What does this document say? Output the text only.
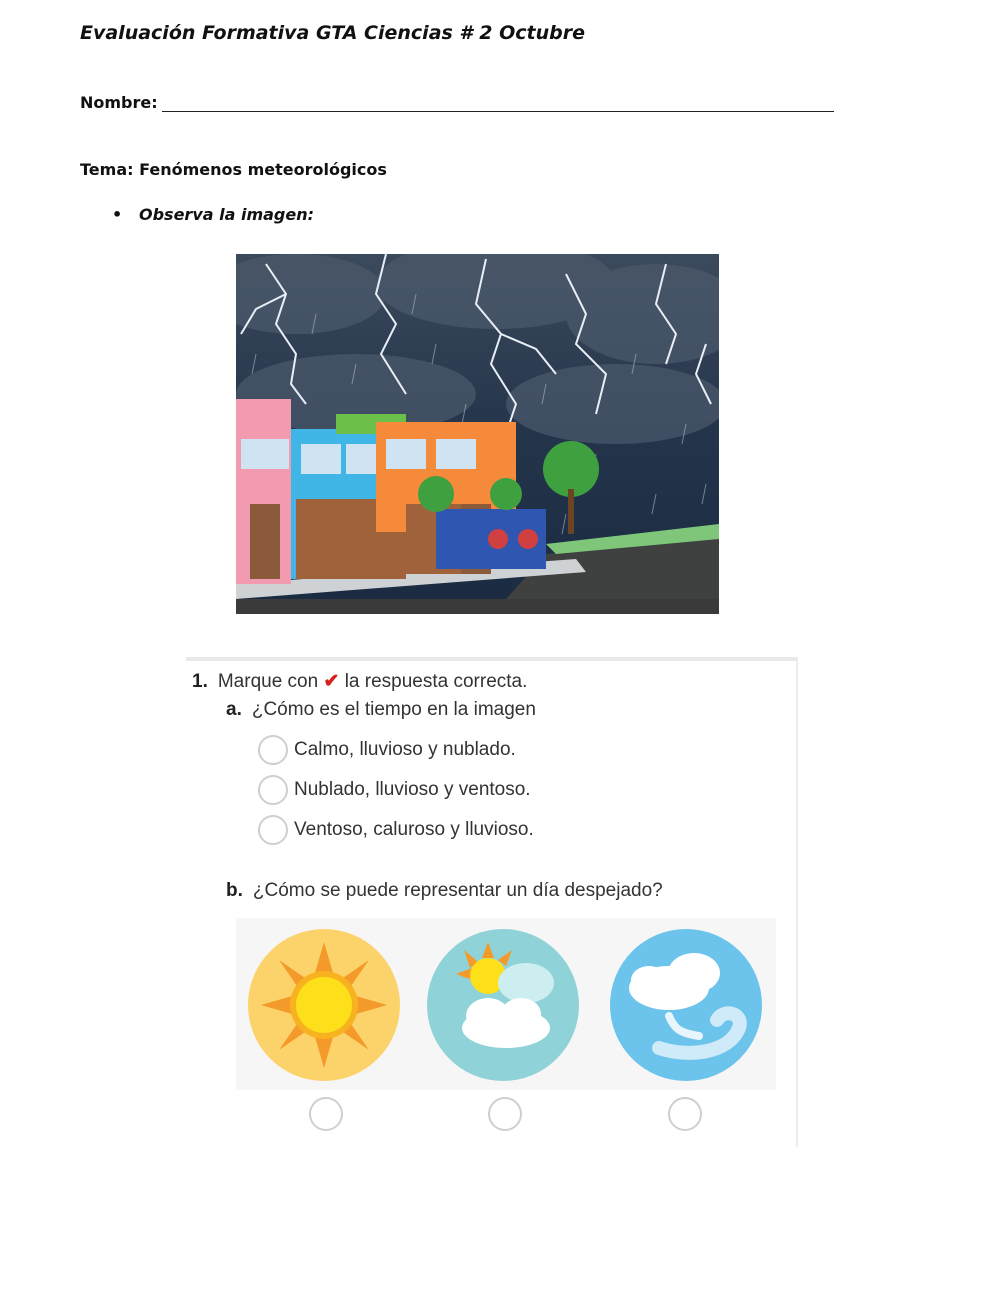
Evaluación Formativa GTA Ciencias # 2 Octubre
Nombre:
Tema: Fenómenos meteorológicos
•	Observa la imagen:
1. Marque con ✔ la respuesta correcta.
a. ¿Cómo es el tiempo en la imagen
Calmo, lluvioso y nublado.
Nublado, lluvioso y ventoso.
Ventoso, caluroso y lluvioso.
b. ¿Cómo se puede representar un día despejado?
